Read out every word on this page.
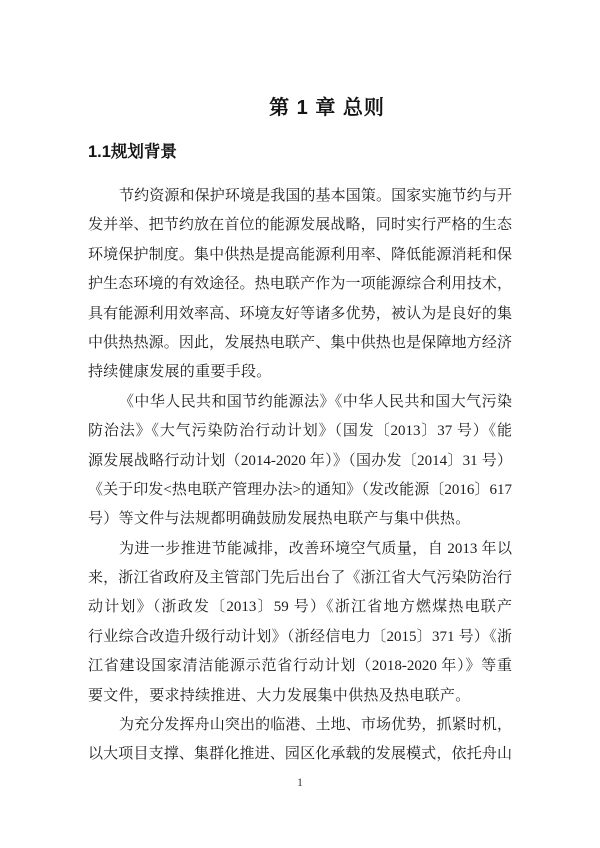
第 1 章 总则
1.1规划背景

节约资源和保护环境是我国的基本国策。国家实施节约与开
发并举、把节约放在首位的能源发展战略，同时实行严格的生态
环境保护制度。集中供热是提高能源利用率、降低能源消耗和保
护生态环境的有效途径。热电联产作为一项能源综合利用技术，
具有能源利用效率高、环境友好等诸多优势，被认为是良好的集
中供热热源。因此，发展热电联产、集中供热也是保障地方经济
持续健康发展的重要手段。

《中华人民共和国节约能源法》《中华人民共和国大气污染
防治法》《大气污染防治行动计划》（国发〔2013〕37 号）《能
源发展战略行动计划（2014-2020 年）》（国办发〔2014〕31 号）
《关于印发<热电联产管理办法>的通知》（发改能源〔2016〕617
号）等文件与法规都明确鼓励发展热电联产与集中供热。

为进一步推进节能减排，改善环境空气质量，自 2013 年以
来，浙江省政府及主管部门先后出台了《浙江省大气污染防治行
动计划》（浙政发〔2013〕59 号）《浙江省地方燃煤热电联产
行业综合改造升级行动计划》（浙经信电力〔2015〕371 号）《浙
江省建设国家清洁能源示范省行动计划（2018-2020 年）》等重
要文件，要求持续推进、大力发展集中供热及热电联产。

为充分发挥舟山突出的临港、土地、市场优势，抓紧时机，
以大项目支撑、集群化推进、园区化承载的发展模式，依托舟山

1
